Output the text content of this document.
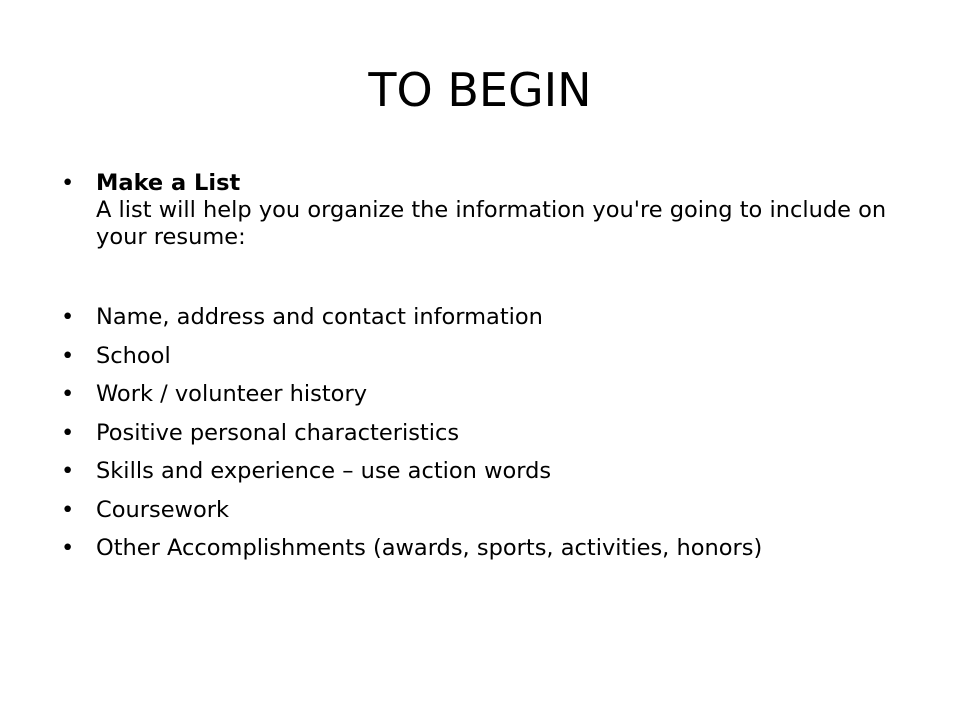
TO BEGIN
• Make a List
A list will help you organize the information you're going to include on your resume:
• Name, address and contact information
• School
• Work / volunteer history
• Positive personal characteristics
• Skills and experience – use action words
• Coursework
• Other Accomplishments (awards, sports, activities, honors)
